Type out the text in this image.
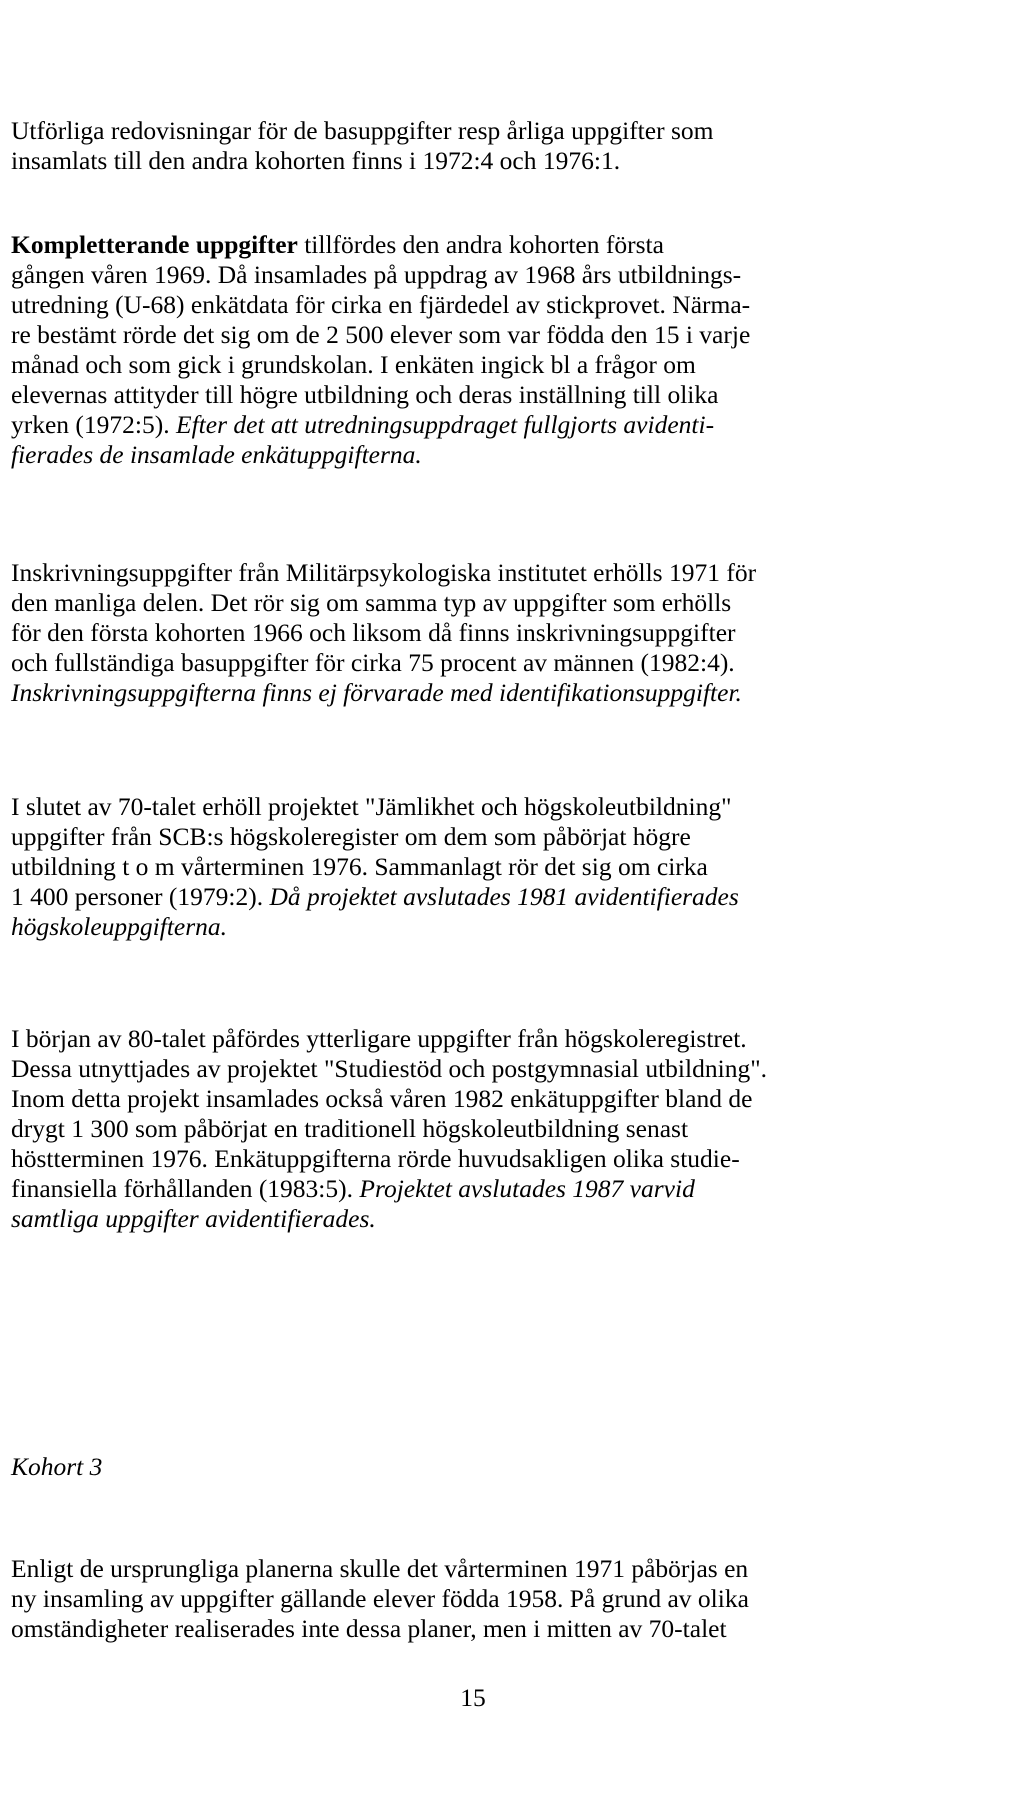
Utförliga redovisningar för de basuppgifter resp årliga uppgifter som
insamlats till den andra kohorten finns i 1972:4 och 1976:1.
Kompletterande uppgifter tillfördes den andra kohorten första
gången våren 1969. Då insamlades på uppdrag av 1968 års utbildnings-
utredning (U-68) enkätdata för cirka en fjärdedel av stickprovet. Närma-
re bestämt rörde det sig om de 2 500 elever som var födda den 15 i varje
månad och som gick i grundskolan. I enkäten ingick bl a frågor om
elevernas attityder till högre utbildning och deras inställning till olika
yrken (1972:5). Efter det att utredningsuppdraget fullgjorts avidenti-
fierades de insamlade enkätuppgifterna.
Inskrivningsuppgifter från Militärpsykologiska institutet erhölls 1971 för
den manliga delen. Det rör sig om samma typ av uppgifter som erhölls
för den första kohorten 1966 och liksom då finns inskrivningsuppgifter
och fullständiga basuppgifter för cirka 75 procent av männen (1982:4).
Inskrivningsuppgifterna finns ej förvarade med identifikationsuppgifter.
I slutet av 70-talet erhöll projektet "Jämlikhet och högskoleutbildning"
uppgifter från SCB:s högskoleregister om dem som påbörjat högre
utbildning t o m vårterminen 1976. Sammanlagt rör det sig om cirka
1 400 personer (1979:2). Då projektet avslutades 1981 avidentifierades
högskoleuppgifterna.
I början av 80-talet påfördes ytterligare uppgifter från högskoleregistret.
Dessa utnyttjades av projektet "Studiestöd och postgymnasial utbildning".
Inom detta projekt insamlades också våren 1982 enkätuppgifter bland de
drygt 1 300 som påbörjat en traditionell högskoleutbildning senast
höstterminen 1976. Enkätuppgifterna rörde huvudsakligen olika studie-
finansiella förhållanden (1983:5). Projektet avslutades 1987 varvid
samtliga uppgifter avidentifierades.
Kohort 3
Enligt de ursprungliga planerna skulle det vårterminen 1971 påbörjas en
ny insamling av uppgifter gällande elever födda 1958. På grund av olika
omständigheter realiserades inte dessa planer, men i mitten av 70-talet
15
